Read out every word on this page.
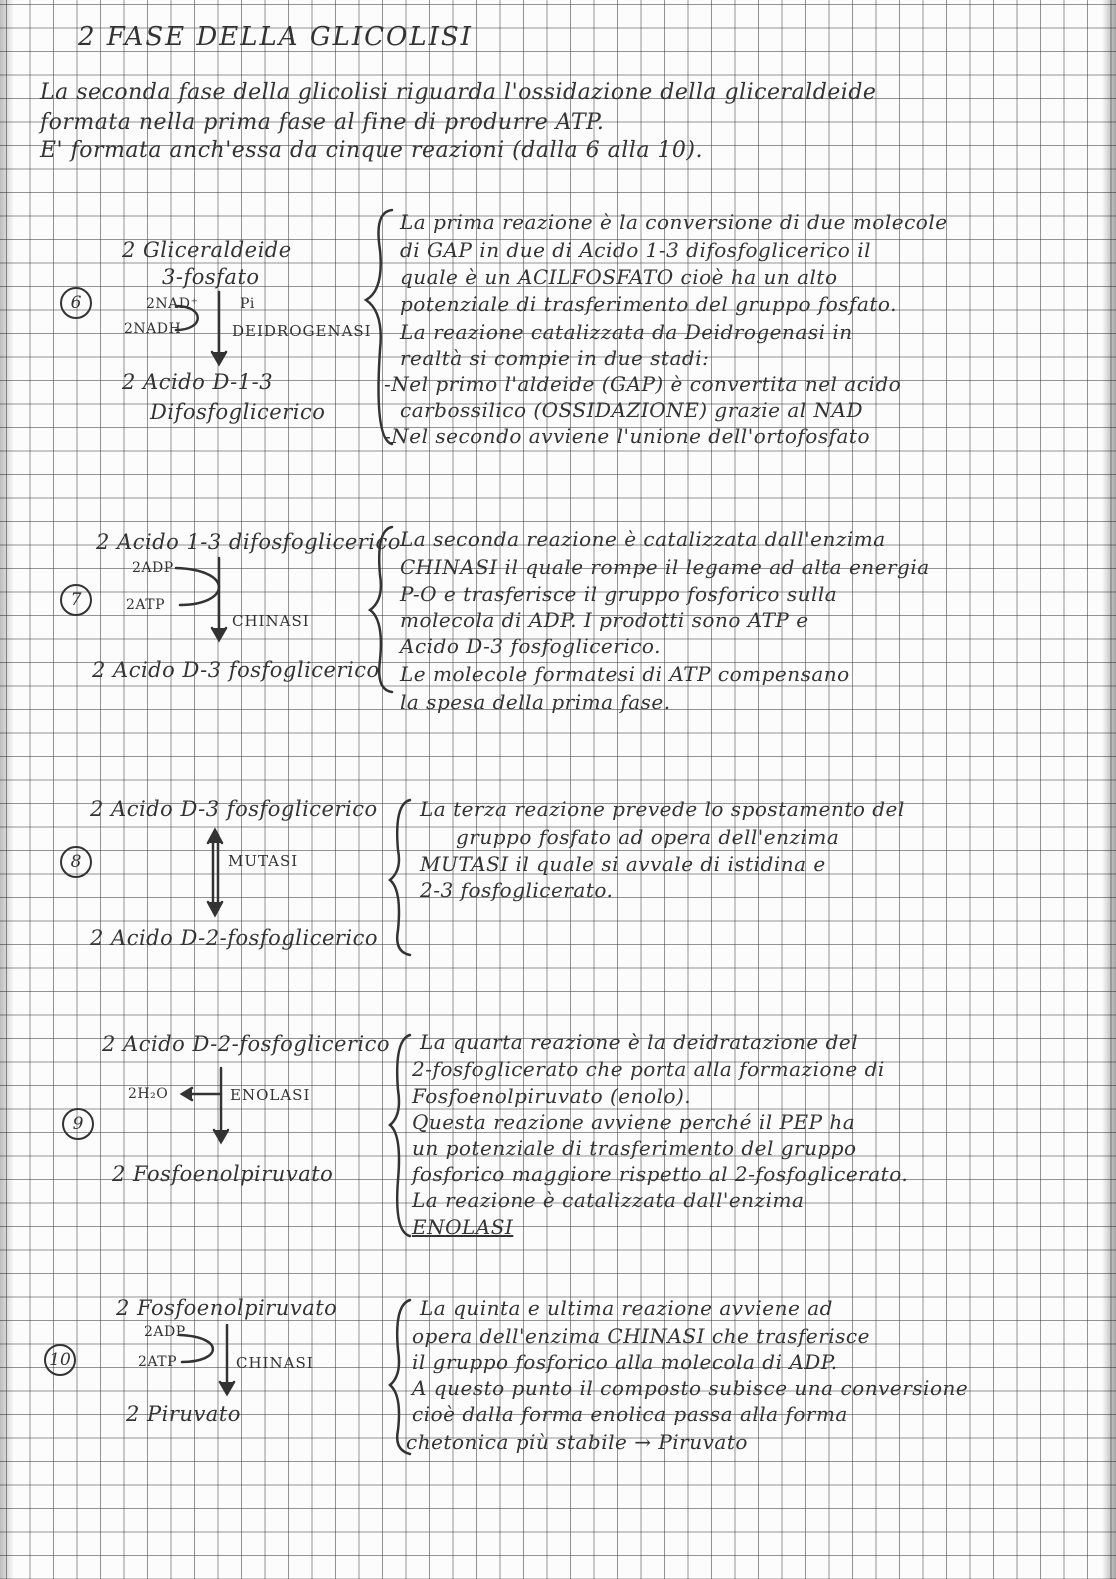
2 FASE DELLA GLICOLISI
La seconda fase della glicolisi riguarda l'ossidazione della gliceraldeide
formata nella prima fase al fine di produrre ATP.
E' formata anch'essa da cinque reazioni (dalla 6 alla 10).
6
2 Gliceraldeide
3-fosfato
2NAD⁺	Pi
2NADH	DEIDROGENASI
2 Acido D-1-3
Difosfoglicerico
La prima reazione è la conversione di due molecole
di GAP in due di Acido 1-3 difosfoglicerico il
quale è un ACILFOSFATO cioè ha un alto
potenziale di trasferimento del gruppo fosfato.
La reazione catalizzata da Deidrogenasi in
realtà si compie in due stadi:
-Nel primo l'aldeide (GAP) è convertita nel acido
carbossilico (OSSIDAZIONE) grazie al NAD
-Nel secondo avviene l'unione dell'ortofosfato
7
2 Acido 1-3 difosfoglicerico
2ADP
2ATP
CHINASI
2 Acido D-3 fosfoglicerico
La seconda reazione è catalizzata dall'enzima
CHINASI il quale rompe il legame ad alta energia
P-O e trasferisce il gruppo fosforico sulla
molecola di ADP. I prodotti sono ATP e
Acido D-3 fosfoglicerico.
Le molecole formatesi di ATP compensano
la spesa della prima fase.
8
2 Acido D-3 fosfoglicerico
MUTASI
2 Acido D-2-fosfoglicerico
La terza reazione prevede lo spostamento del
gruppo fosfato ad opera dell'enzima
MUTASI il quale si avvale di istidina e
2-3 fosfoglicerato.
9
2 Acido D-2-fosfoglicerico
2H₂O	ENOLASI
2 Fosfoenolpiruvato
La quarta reazione è la deidratazione del
2-fosfoglicerato che porta alla formazione di
Fosfoenolpiruvato (enolo).
Questa reazione avviene perché il PEP ha
un potenziale di trasferimento del gruppo
fosforico maggiore rispetto al 2-fosfoglicerato.
La reazione è catalizzata dall'enzima
ENOLASI
10
2 Fosfoenolpiruvato
2ADP
2ATP	CHINASI
2 Piruvato
La quinta e ultima reazione avviene ad
opera dell'enzima CHINASI che trasferisce
il gruppo fosforico alla molecola di ADP.
A questo punto il composto subisce una conversione
cioè dalla forma enolica passa alla forma
chetonica più stabile → Piruvato
